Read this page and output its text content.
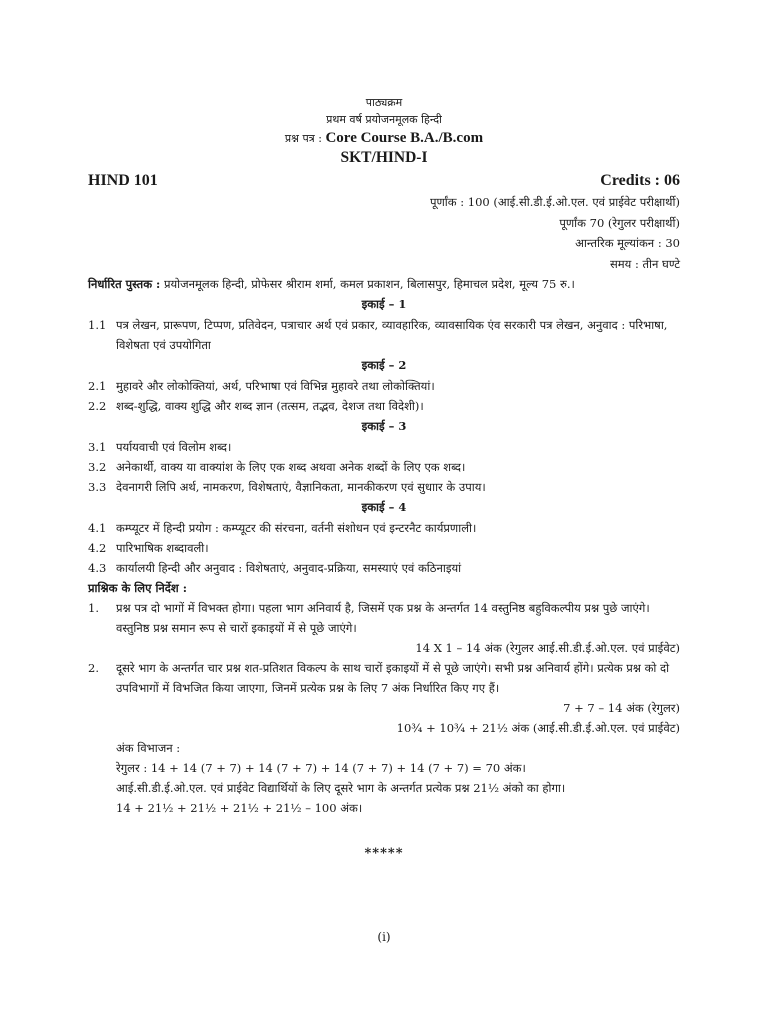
पाठ्यक्रम
प्रथम वर्ष प्रयोजनमूलक हिन्दी
प्रश्न पत्र : Core Course B.A./B.com
SKT/HIND-I
HIND 101	Credits : 06
पूर्णांक : 100 (आई.सी.डी.ई.ओ.एल. एवं प्राईवेट परीक्षार्थी)
पूर्णांक 70 (रेगुलर परीक्षार्थी)
आन्तरिक मूल्यांकन : 30
समय : तीन घण्टे
निर्धारित पुस्तक : प्रयोजनमूलक हिन्दी, प्रोफेसर श्रीराम शर्मा, कमल प्रकाशन, बिलासपुर, हिमाचल प्रदेश, मूल्य 75 रु.।
इकाई – 1
1.1 पत्र लेखन, प्रारूपण, टिप्पण, प्रतिवेदन, पत्राचार अर्थ एवं प्रकार, व्यावहारिक, व्यावसायिक एंव सरकारी पत्र लेखन, अनुवाद : परिभाषा, विशेषता एवं उपयोगिता
इकाई – 2
2.1 मुहावरे और लोकोक्तियां, अर्थ, परिभाषा एवं विभिन्न मुहावरे तथा लोकोक्तियां।
2.2 शब्द-शुद्धि, वाक्य शुद्धि और शब्द ज्ञान (तत्सम, तद्भव, देशज तथा विदेशी)।
इकाई – 3
3.1 पर्यायवाची एवं विलोम शब्द।
3.2 अनेकार्थी, वाक्य या वाक्यांश के लिए एक शब्द अथवा अनेक शब्दों के लिए एक शब्द।
3.3 देवनागरी लिपि अर्थ, नामकरण, विशेषताएं, वैज्ञानिकता, मानकीकरण एवं सुधाार के उपाय।
इकाई – 4
4.1 कम्प्यूटर में हिन्दी प्रयोग : कम्प्यूटर की संरचना, वर्तनी संशोधन एवं इन्टरनैट कार्यप्रणाली।
4.2 पारिभाषिक शब्दावली।
4.3 कार्यालयी हिन्दी और अनुवाद : विशेषताएं, अनुवाद-प्रक्रिया, समस्याएं एवं कठिनाइयां
प्राश्निक के लिए निर्देश :
1.	प्रश्न पत्र दो भागों में विभक्त होगा। पहला भाग अनिवार्य है, जिसमें एक प्रश्न के अन्तर्गत 14 वस्तुनिष्ठ बहुविकल्पीय प्रश्न पुछे जाएंगे। वस्तुनिष्ठ प्रश्न समान रूप से चारों इकाइयों में से पूछे जाएंगे।
14 X 1 – 14 अंक (रेगुलर आई.सी.डी.ई.ओ.एल. एवं प्राईवेट)
2.	दूसरे भाग के अन्तर्गत चार प्रश्न शत-प्रतिशत विकल्प के साथ चारों इकाइयों में से पूछे जाएंगे। सभी प्रश्न अनिवार्य होंगे। प्रत्येक प्रश्न को दो उपविभागों में विभजित किया जाएगा, जिनमें प्रत्येक प्रश्न के लिए 7 अंक निर्धारित किए गए हैं।
7 + 7 – 14 अंक (रेगुलर)
10¾ + 10¾ + 21½ अंक (आई.सी.डी.ई.ओ.एल. एवं प्राईवेट)
अंक विभाजन :
रेगुलर : 14 + 14 (7 + 7) + 14 (7 + 7) + 14 (7 + 7) + 14 (7 + 7) = 70 अंक।
आई.सी.डी.ई.ओ.एल. एवं प्राईवेट विद्यार्थियों के लिए दूसरे भाग के अन्तर्गत प्रत्येक प्रश्न 21½ अंको का होगा।
14 + 21½ + 21½ + 21½ + 21½ – 100 अंक।
*****
(i)
